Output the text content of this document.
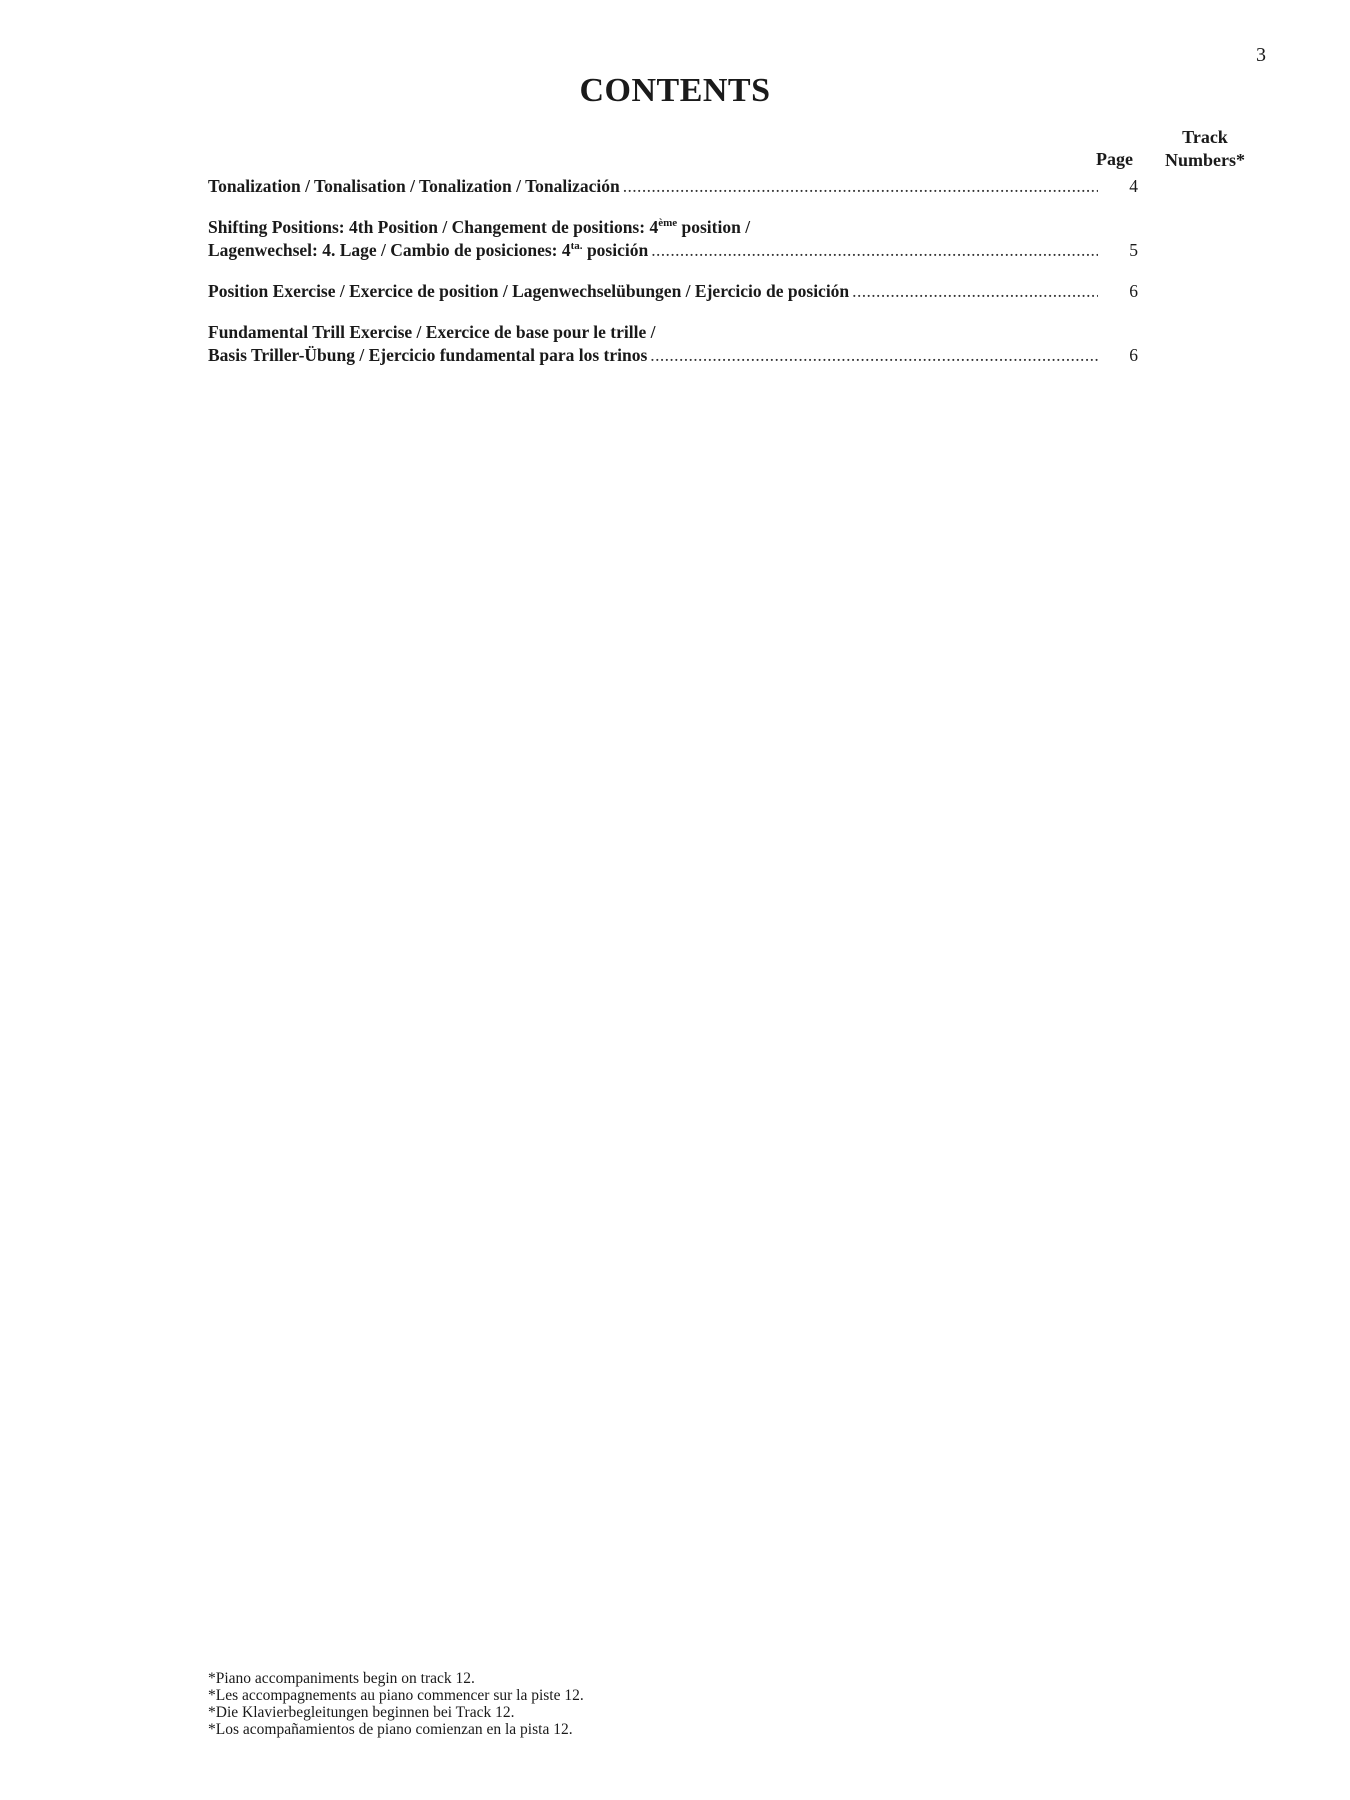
3
CONTENTS
Page
Track
Numbers*
Tonalization / Tonalisation / Tonalization / Tonalización .....	4
Shifting Positions: 4th Position / Changement de positions: 4ème position /
Lagenwechsel: 4. Lage / Cambio de posiciones: $4^{ta.}$ posición .....	5
Position Exercise / Exercice de position / Lagenwechselübungen / Ejercicio de posición .....	6
Fundamental Trill Exercise / Exercice de base pour le trille /
Basis Triller-Übung / Ejercicio fundamental para los trinos .....	6
*Piano accompaniments begin on track 12.
*Les accompagnements au piano commencer sur la piste 12.
*Die Klavierbegleitungen beginnen bei Track 12.
*Los acompañamientos de piano comienzan en la pista 12.
